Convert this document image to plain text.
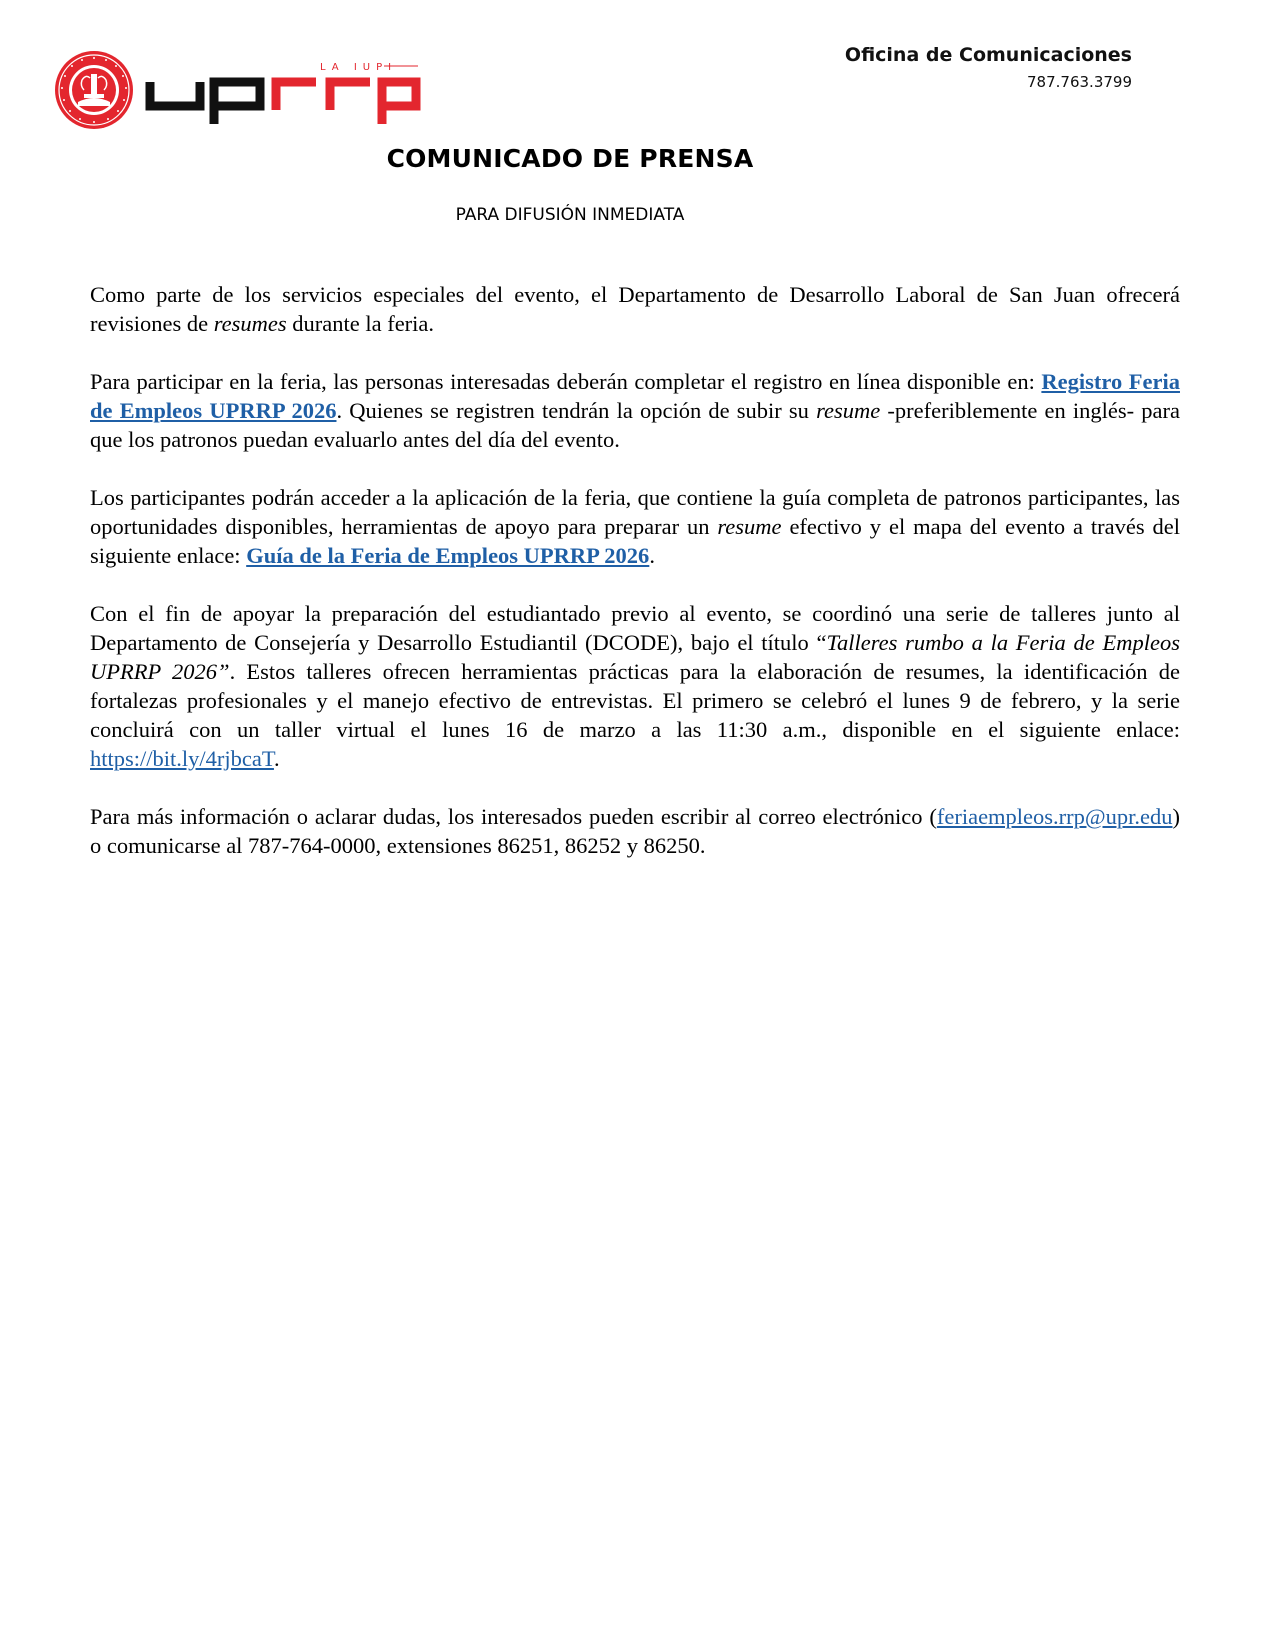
LA IUPI
Oficina de Comunicaciones
787.763.3799
COMUNICADO DE PRENSA
PARA DIFUSIÓN INMEDIATA

Como parte de los servicios especiales del evento, el Departamento de Desarrollo Laboral de San Juan ofrecerá revisiones de resumes durante la feria.

Para participar en la feria, las personas interesadas deberán completar el registro en línea disponible en: Registro Feria de Empleos UPRRP 2026. Quienes se registren tendrán la opción de subir su resume -preferiblemente en inglés- para que los patronos puedan evaluarlo antes del día del evento.

Los participantes podrán acceder a la aplicación de la feria, que contiene la guía completa de patronos participantes, las oportunidades disponibles, herramientas de apoyo para preparar un resume efectivo y el mapa del evento a través del siguiente enlace: Guía de la Feria de Empleos UPRRP 2026.

Con el fin de apoyar la preparación del estudiantado previo al evento, se coordinó una serie de talleres junto al Departamento de Consejería y Desarrollo Estudiantil (DCODE), bajo el título “Talleres rumbo a la Feria de Empleos UPRRP 2026”. Estos talleres ofrecen herramientas prácticas para la elaboración de resumes, la identificación de fortalezas profesionales y el manejo efectivo de entrevistas. El primero se celebró el lunes 9 de febrero, y la serie concluirá con un taller virtual el lunes 16 de marzo a las 11:30 a.m., disponible en el siguiente enlace: https://bit.ly/4rjbcaT.

Para más información o aclarar dudas, los interesados pueden escribir al correo electrónico (feriaempleos.rrp@upr.edu) o comunicarse al 787-764-0000, extensiones 86251, 86252 y 86250.
